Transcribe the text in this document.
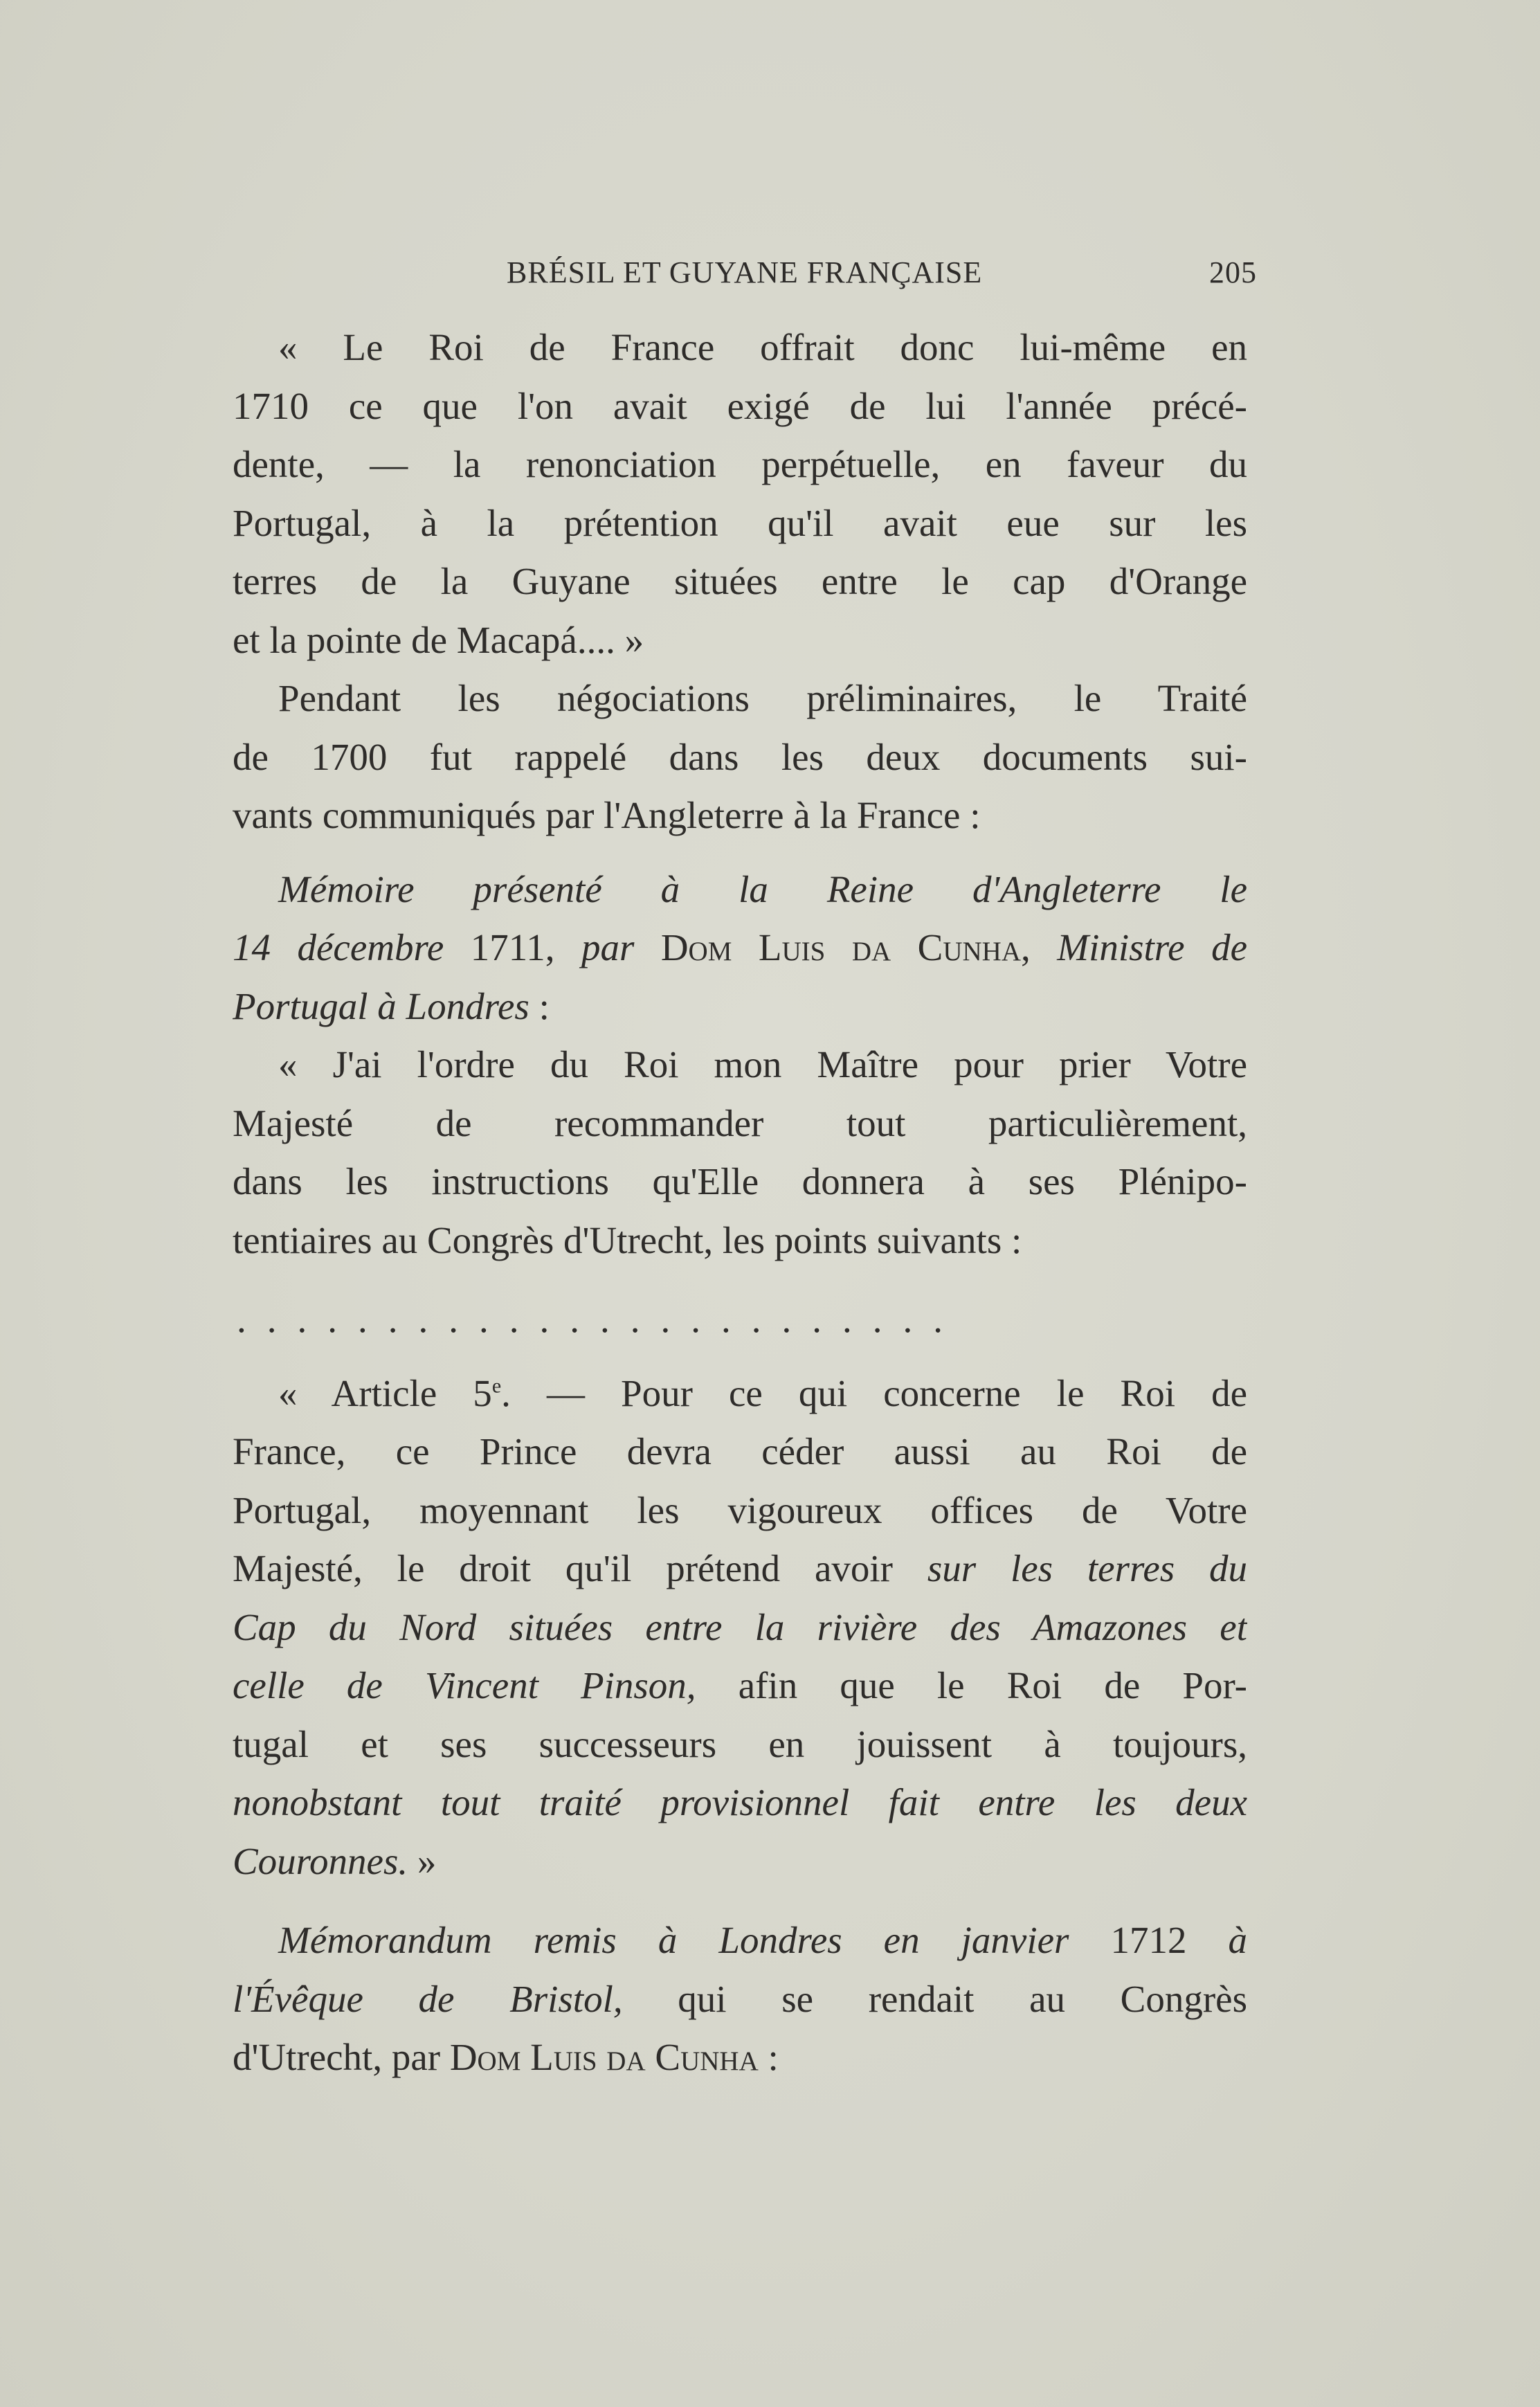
BRÉSIL ET GUYANE FRANÇAISE	205
« Le Roi de France offrait donc lui-même en
1710 ce que l'on avait exigé de lui l'année précé-
dente, — la renonciation perpétuelle, en faveur du
Portugal, à la prétention qu'il avait eue sur les
terres de la Guyane situées entre le cap d'Orange
et la pointe de Macapá.... »
Pendant les négociations préliminaires, le Traité
de 1700 fut rappelé dans les deux documents sui-
vants communiqués par l'Angleterre à la France :
Mémoire présenté à la Reine d'Angleterre le
14 décembre 1711, par Dom Luis da Cunha, Ministre de
Portugal à Londres :
« J'ai l'ordre du Roi mon Maître pour prier Votre
Majesté de recommander tout particulièrement,
dans les instructions qu'Elle donnera à ses Plénipo-
tentiaires au Congrès d'Utrecht, les points suivants :
........................
« Article 5e. — Pour ce qui concerne le Roi de
France, ce Prince devra céder aussi au Roi de
Portugal, moyennant les vigoureux offices de Votre
Majesté, le droit qu'il prétend avoir sur les terres du
Cap du Nord situées entre la rivière des Amazones et
celle de Vincent Pinson, afin que le Roi de Por-
tugal et ses successeurs en jouissent à toujours,
nonobstant tout traité provisionnel fait entre les deux
Couronnes. »
Mémorandum remis à Londres en janvier 1712 à
l'Évêque de Bristol, qui se rendait au Congrès
d'Utrecht, par Dom Luis da Cunha :
